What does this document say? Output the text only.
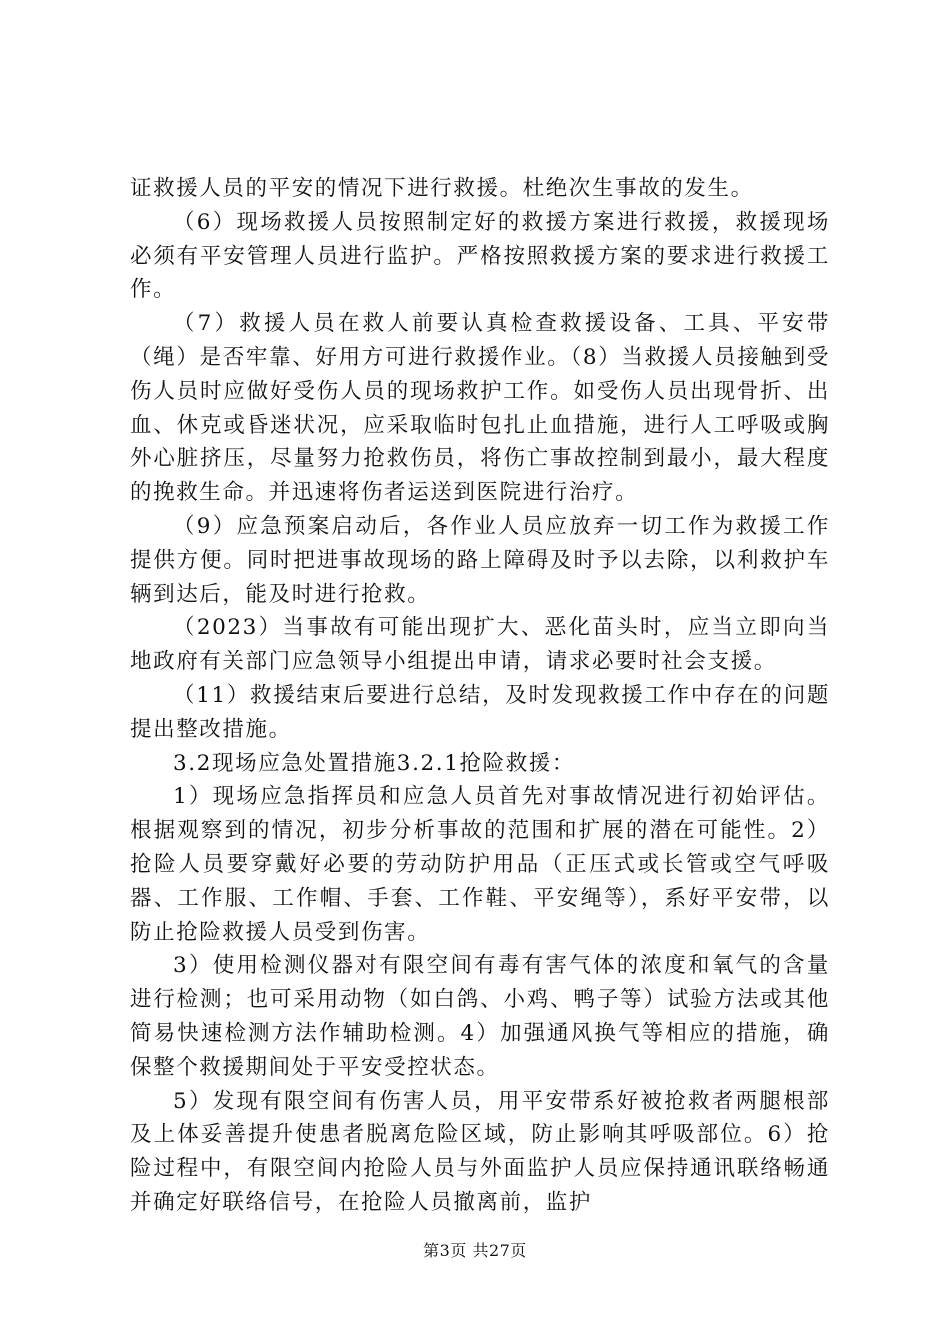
证救援人员的平安的情况下进行救援。杜绝次生事故的发生。

（6）现场救援人员按照制定好的救援方案进行救援，救援现场必须有平安管理人员进行监护。严格按照救援方案的要求进行救援工作。

（7）救援人员在救人前要认真检查救援设备、工具、平安带（绳）是否牢靠、好用方可进行救援作业。（8）当救援人员接触到受伤人员时应做好受伤人员的现场救护工作。如受伤人员出现骨折、出血、休克或昏迷状况，应采取临时包扎止血措施，进行人工呼吸或胸外心脏挤压，尽量努力抢救伤员，将伤亡事故控制到最小，最大程度的挽救生命。并迅速将伤者运送到医院进行治疗。

（9）应急预案启动后，各作业人员应放弃一切工作为救援工作提供方便。同时把进事故现场的路上障碍及时予以去除，以利救护车辆到达后，能及时进行抢救。

（2023）当事故有可能出现扩大、恶化苗头时，应当立即向当地政府有关部门应急领导小组提出申请，请求必要时社会支援。

（11）救援结束后要进行总结，及时发现救援工作中存在的问题提出整改措施。

3.2现场应急处置措施3.2.1抢险救援：

1）现场应急指挥员和应急人员首先对事故情况进行初始评估。根据观察到的情况，初步分析事故的范围和扩展的潜在可能性。2）抢险人员要穿戴好必要的劳动防护用品（正压式或长管或空气呼吸器、工作服、工作帽、手套、工作鞋、平安绳等），系好平安带，以防止抢险救援人员受到伤害。

3）使用检测仪器对有限空间有毒有害气体的浓度和氧气的含量进行检测；也可采用动物（如白鸽、小鸡、鸭子等）试验方法或其他简易快速检测方法作辅助检测。4）加强通风换气等相应的措施，确保整个救援期间处于平安受控状态。

5）发现有限空间有伤害人员，用平安带系好被抢救者两腿根部及上体妥善提升使患者脱离危险区域，防止影响其呼吸部位。6）抢险过程中，有限空间内抢险人员与外面监护人员应保持通讯联络畅通并确定好联络信号，在抢险人员撤离前，监护

第3页 共27页
